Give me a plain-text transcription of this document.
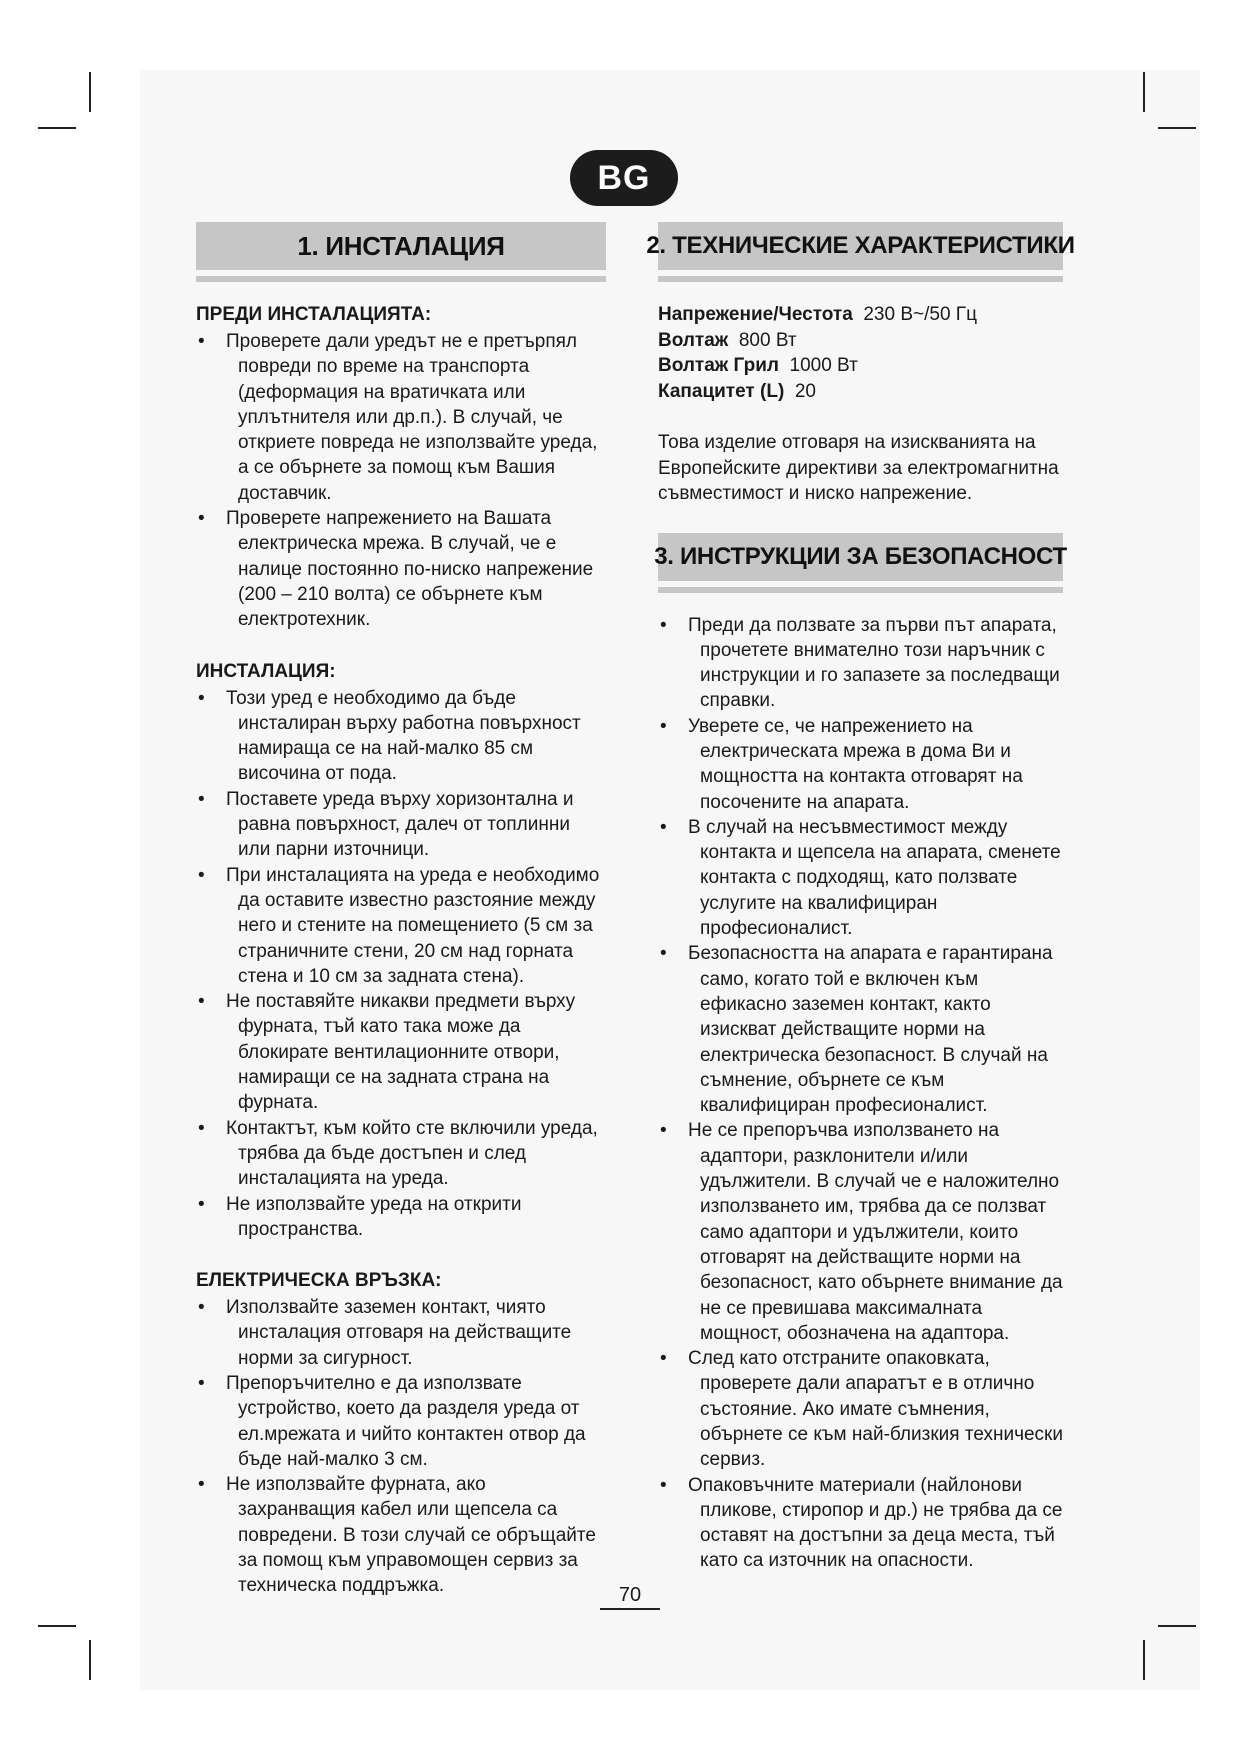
BG
1. ИНСТАЛАЦИЯ
ПРЕДИ ИНСТАЛАЦИЯТА:
• Проверете дали уредът не е претърпял повреди по време на транспорта (деформация на вратичката или уплътнителя или др.п.). В случай, че откриете повреда не използвайте уреда, а се обърнете за помощ към Вашия доставчик.
• Проверете напрежението на Вашата електрическа мрежа. В случай, че е налице постоянно по-ниско напрежение (200 – 210 волта) се обърнете към електротехник.
ИНСТАЛАЦИЯ:
• Този уред е необходимо да бъде инсталиран върху работна повърхност намираща се на най-малко 85 см височина от пода.
• Поставете уреда върху хоризонтална и равна повърхност, далеч от топлинни или парни източници.
• При инсталацията на уреда е необходимо да оставите известно разстояние между него и стените на помещението (5 см за страничните стени, 20 см над горната стена и 10 см за задната стена).
• Не поставяйте никакви предмети върху фурната, тъй като така може да блокирате вентилационните отвори, намиращи се на задната страна на фурната.
• Контактът, към който сте включили уреда, трябва да бъде достъпен и след инсталацията на уреда.
• Не използвайте уреда на открити пространства.
ЕЛЕКТРИЧЕСКА ВРЪЗКА:
• Използвайте заземен контакт, чиято инсталация отговаря на действащите норми за сигурност.
• Препоръчително е да използвате устройство, което да разделя уреда от ел.мрежата и чийто контактен отвор да бъде най-малко 3 см.
• Не използвайте фурната, ако захранващия кабел или щепсела са повредени. В този случай се обръщайте за помощ към управомощен сервиз за техническа поддръжка.
2. ТЕХНИЧЕСКИЕ ХАРАКТЕРИСТИКИ
Напрежение/Честота 230 В~/50 Гц
Волтаж 800 Вт
Волтаж Грил 1000 Вт
Капацитет (L) 20
Това изделие отговаря на изискванията на Европейските директиви за електромагнитна съвместимост и ниско напрежение.
3. ИНСТРУКЦИИ ЗА БЕЗОПАСНОСТ
• Преди да ползвате за първи път апарата, прочетете внимателно този наръчник с инструкции и го запазете за последващи справки.
• Уверете се, че напрежението на електрическата мрежа в дома Ви и мощността на контакта отговарят на посочените на апарата.
• В случай на несъвместимост между контакта и щепсела на апарата, сменете контакта с подходящ, като ползвате услугите на квалифициран професионалист.
• Безопасността на апарата е гарантирана само, когато той е включен към ефикасно заземен контакт, както изискват действащите норми на електрическа безопасност. В случай на съмнение, обърнете се към квалифициран професионалист.
• Не се препоръчва използването на адаптори, разклонители и/или удължители. В случай че е наложително използването им, трябва да се ползват само адаптори и удължители, които отговарят на действащите норми на безопасност, като обърнете внимание да не се превишава максималната мощност, обозначена на адаптора.
• След като отстраните опаковката, проверете дали апаратът е в отлично състояние. Ако имате съмнения, обърнете се към най-близкия технически сервиз.
• Опаковъчните материали (найлонови пликове, стиропор и др.) не трябва да се оставят на достъпни за деца места, тъй като са източник на опасности.
70
